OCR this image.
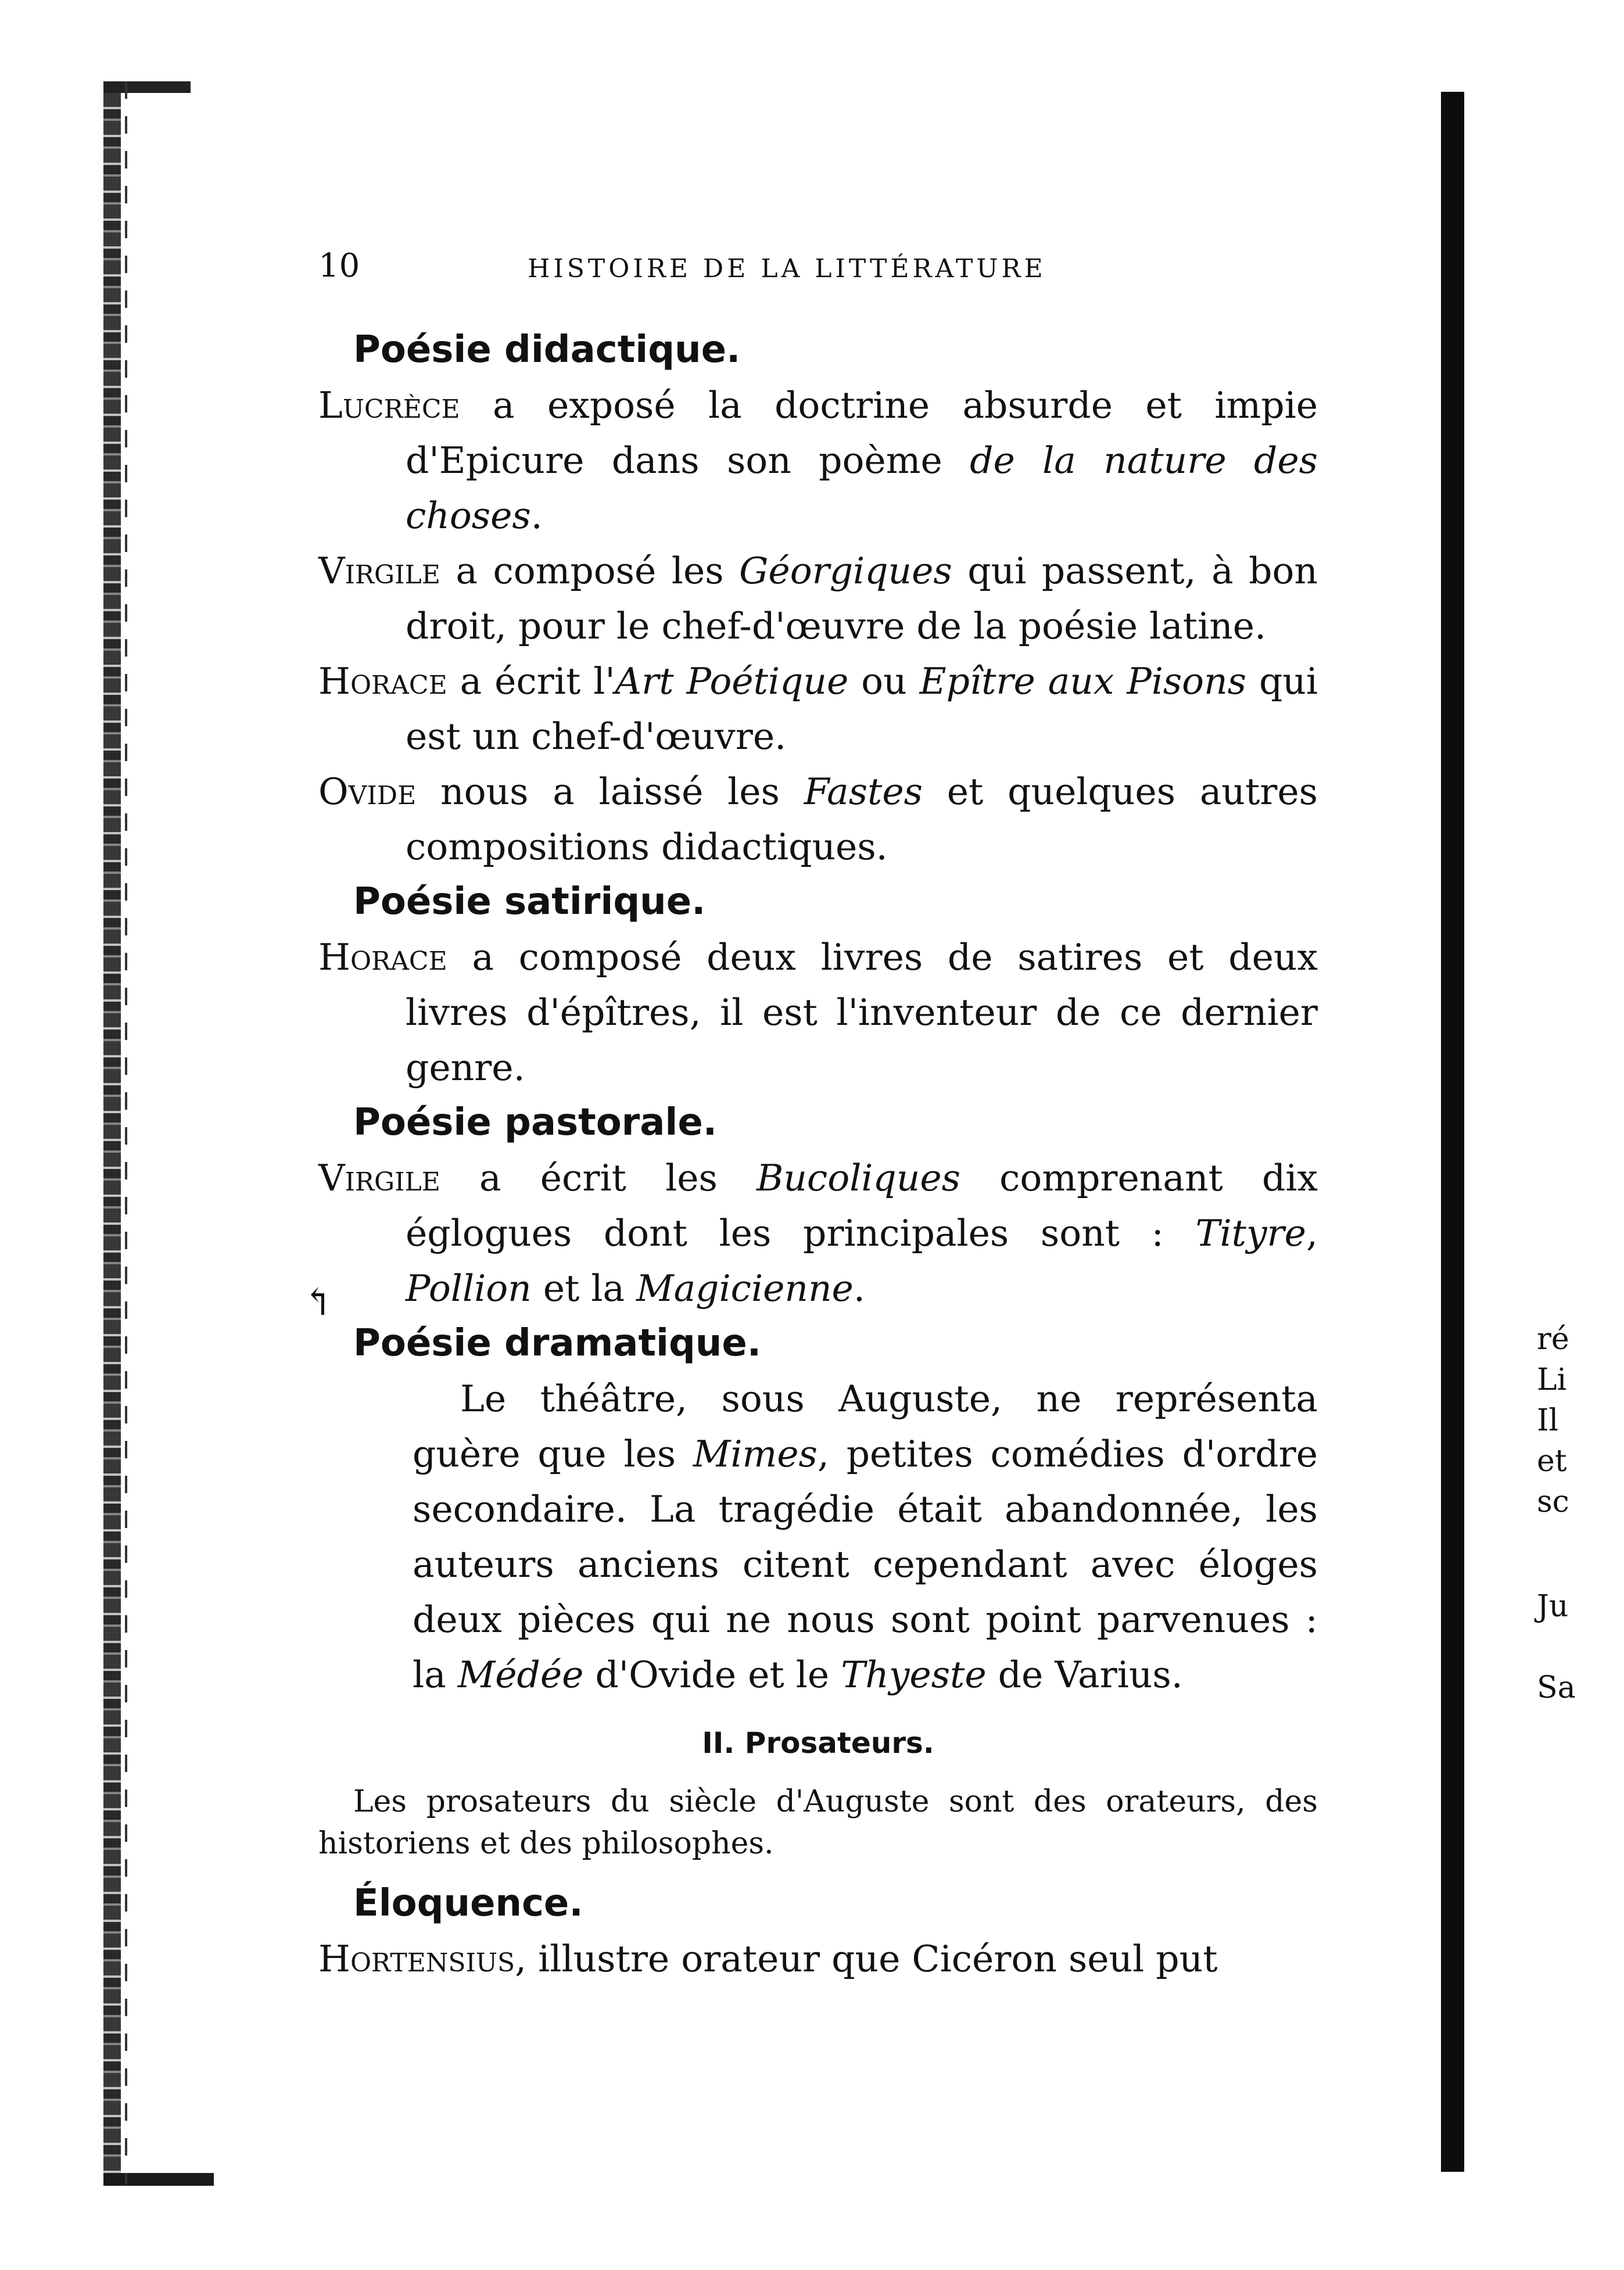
10	HISTOIRE DE LA LITTÉRATURE
↰
Poésie didactique.

Lucrèce a exposé la doctrine absurde et impie d'Epicure dans son poème de la nature des choses.

Virgile a composé les Géorgiques qui passent, à bon droit, pour le chef-d'œuvre de la poésie latine.

Horace a écrit l'Art Poétique ou Epître aux Pisons qui est un chef-d'œuvre.

Ovide nous a laissé les Fastes et quelques autres compositions didactiques.

Poésie satirique.

Horace a composé deux livres de satires et deux livres d'épîtres, il est l'inventeur de ce dernier genre.

Poésie pastorale.

Virgile a écrit les Bucoliques comprenant dix églogues dont les principales sont : Tityre, Pollion et la Magicienne.

Poésie dramatique.

Le théâtre, sous Auguste, ne représenta guère que les Mimes, petites comédies d'ordre secondaire. La tragédie était abandonnée, les auteurs anciens citent cependant avec éloges deux pièces qui ne nous sont point parvenues : la Médée d'Ovide et le Thyeste de Varius.

II. Prosateurs.

Les prosateurs du siècle d'Auguste sont des orateurs, des historiens et des philosophes.

Éloquence.

Hortensius, illustre orateur que Cicéron seul put

ré
Li
Il
et
sc
Ju
Sa
